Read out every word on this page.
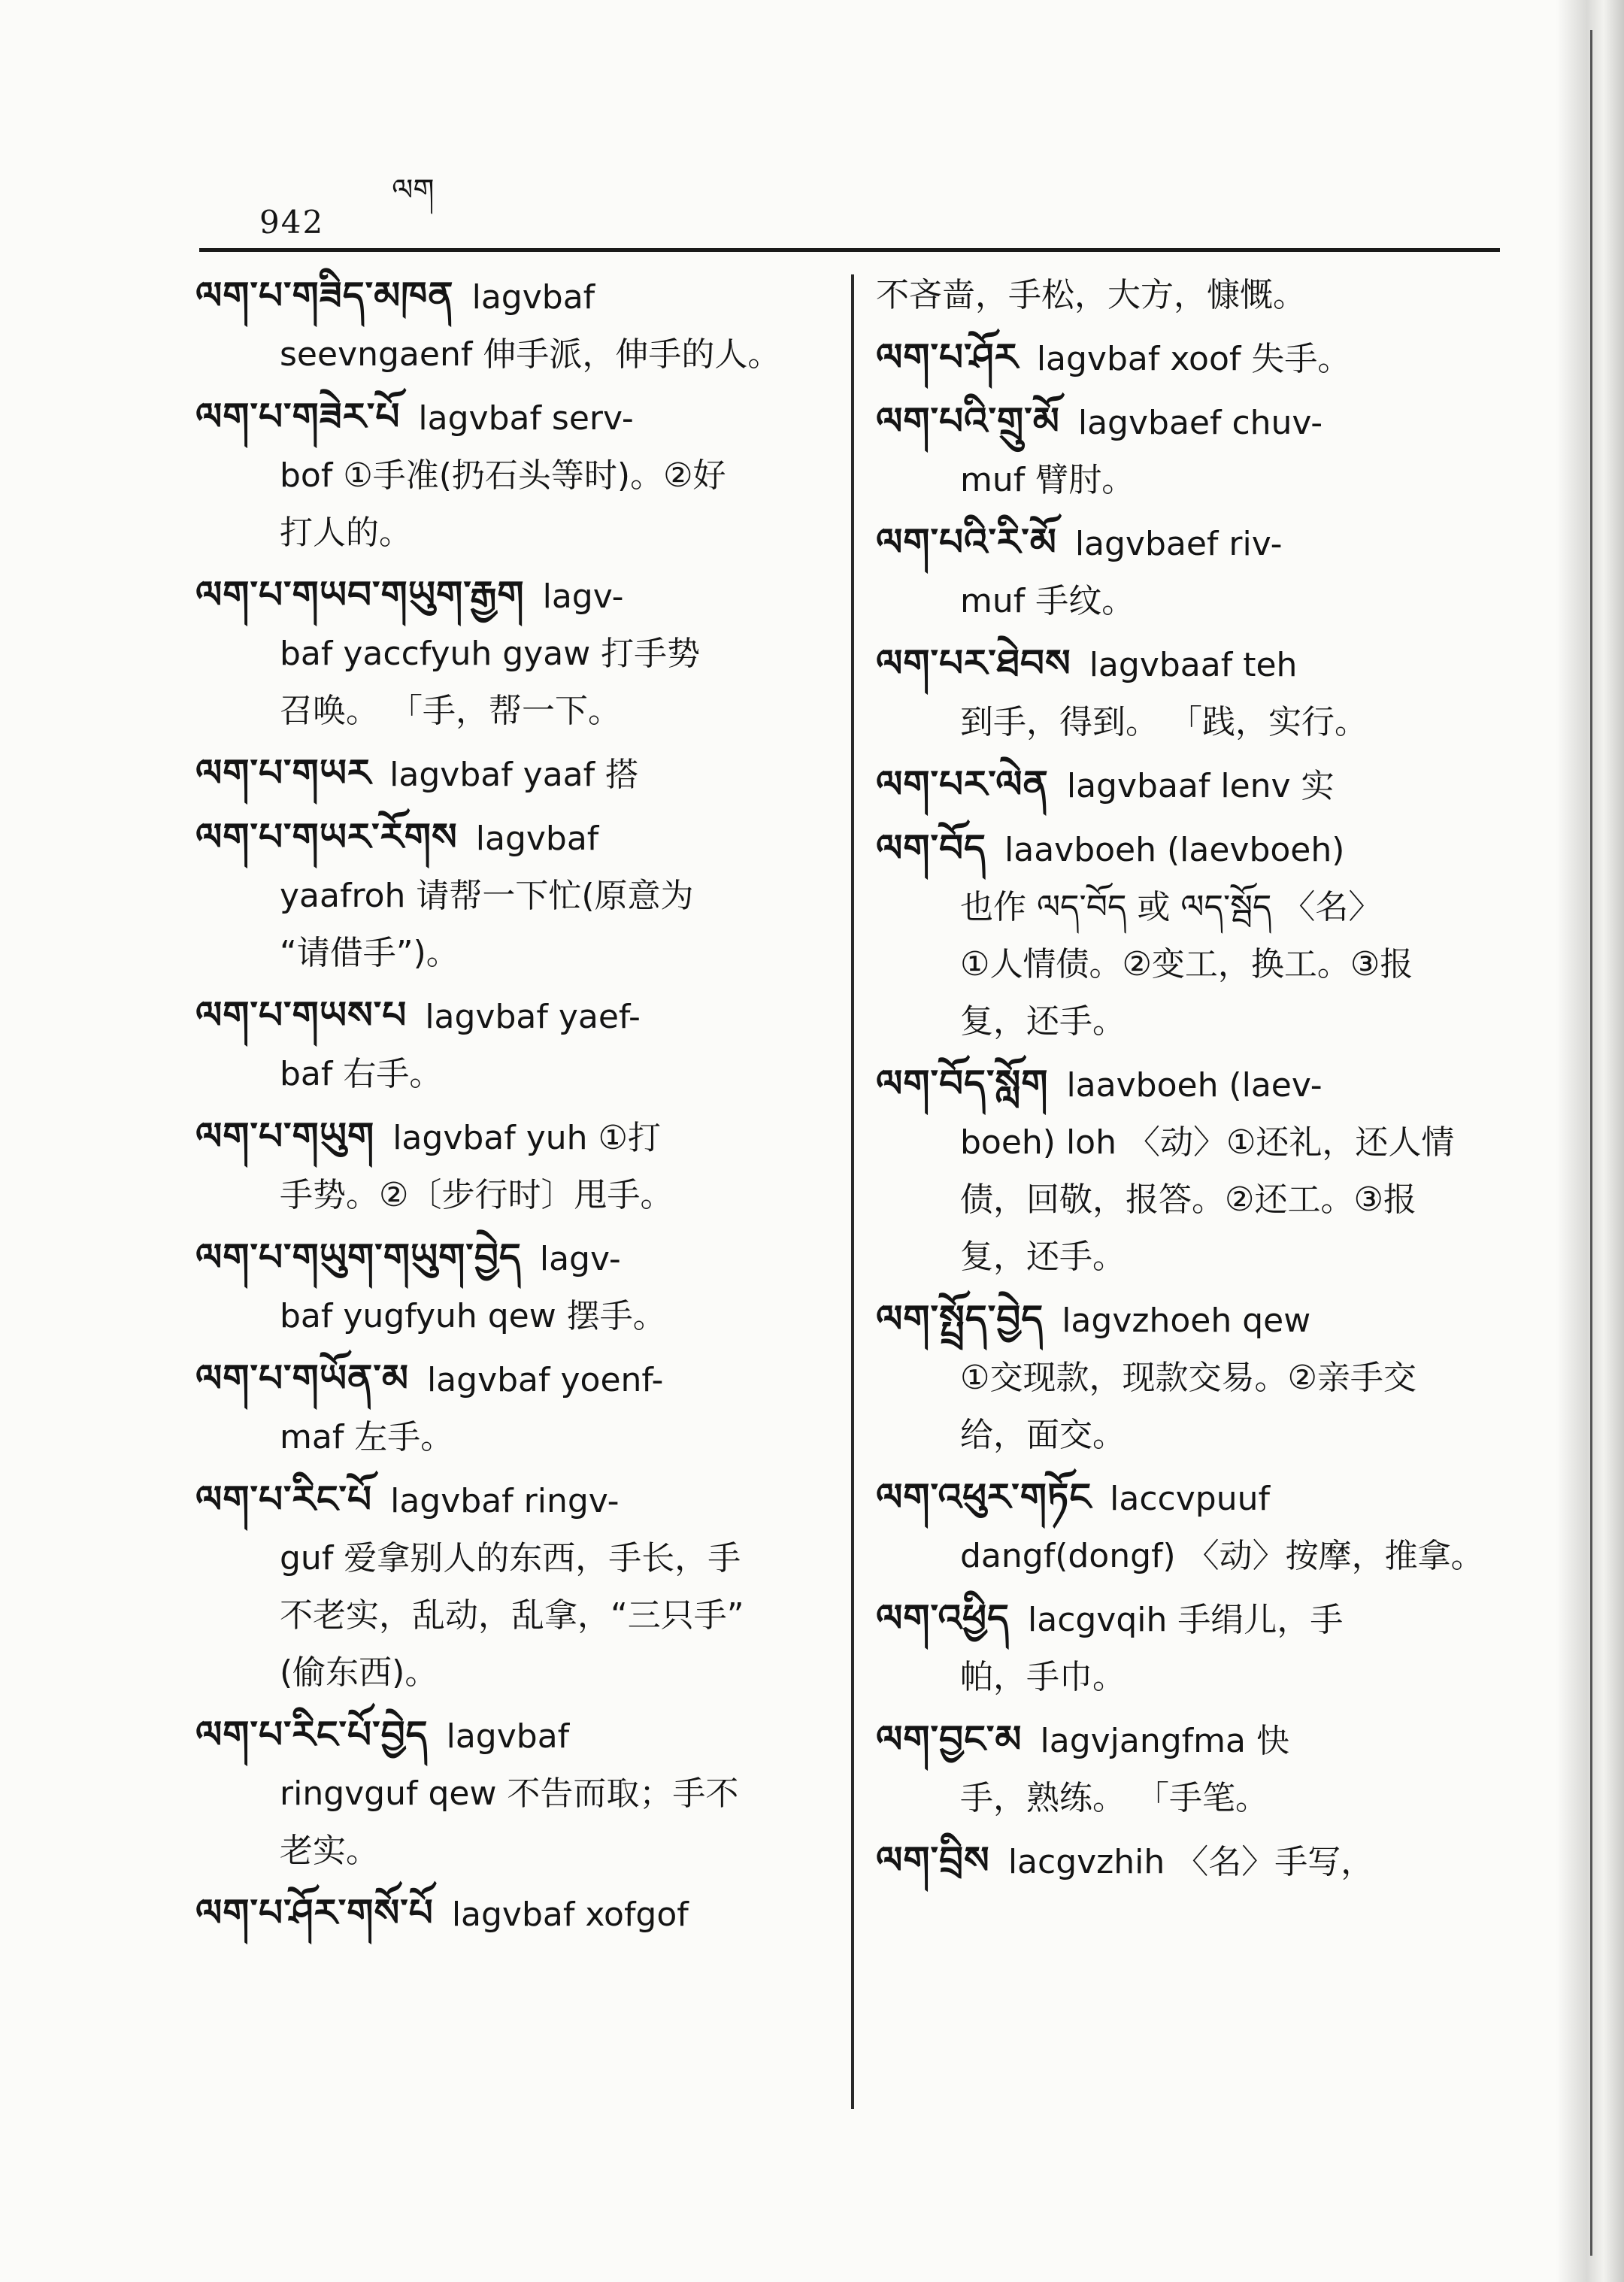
942
ལག
ལག་པ་གཟིད་མཁན lagvbaf
seevngaenf 伸手派，伸手的人。
ལག་པ་གཟེར་པོ lagvbaf serv-
bof ①手准(扔石头等时)。②好
打人的。
ལག་པ་གཡབ་གཡུག་རྒྱག lagv-
baf yaccfyuh gyaw 打手势
召唤。 「手，帮一下。
ལག་པ་གཡར lagvbaf yaaf 搭
ལག་པ་གཡར་རོགས lagvbaf
yaafroh 请帮一下忙(原意为
“请借手”)。
ལག་པ་གཡས་པ lagvbaf yaef-
baf 右手。
ལག་པ་གཡུག lagvbaf yuh ①打
手势。②〔步行时〕甩手。
ལག་པ་གཡུག་གཡུག་བྱེད lagv-
baf yugfyuh qew 摆手。
ལག་པ་གཡོན་མ lagvbaf yoenf-
maf 左手。
ལག་པ་རིང་པོ lagvbaf ringv-
guf 爱拿别人的东西，手长，手
不老实，乱动，乱拿，“三只手”
(偷东西)。
ལག་པ་རིང་པོ་བྱེད lagvbaf
ringvguf qew 不告而取；手不
老实。
ལག་པ་ཤོར་གསོ་པོ lagvbaf xofgof
不吝啬，手松，大方，慷慨。
ལག་པ་ཤོར lagvbaf xoof 失手。
ལག་པའི་གྲུ་མོ lagvbaef chuv-
muf 臂肘。
ལག་པའི་རི་མོ lagvbaef riv-
muf 手纹。
ལག་པར་ཐེབས lagvbaaf teh
到手，得到。 「践，实行。
ལག་པར་ལེན lagvbaaf lenv 实
ལག་བོད laavboeh (laevboeh)
也作 ལད་བོད 或 ལད་སྦོད 〈名〉
①人情债。②变工，换工。③报
复，还手。
ལག་བོད་སློག laavboeh (laev-
boeh) loh 〈动〉①还礼，还人情
债，回敬，报答。②还工。③报
复，还手。
ལག་སྤྲོད་བྱེད lagvzhoeh qew
①交现款，现款交易。②亲手交
给，面交。
ལག་འཕུར་གཏོང laccvpuuf
dangf(dongf) 〈动〉按摩，推拿。
ལག་འཕྱིད lacgvqih 手绢儿，手
帕，手巾。
ལག་བྱང་མ lagvjangfma 快
手，熟练。 「手笔。
ལག་བྲིས lacgvzhih 〈名〉手写，
